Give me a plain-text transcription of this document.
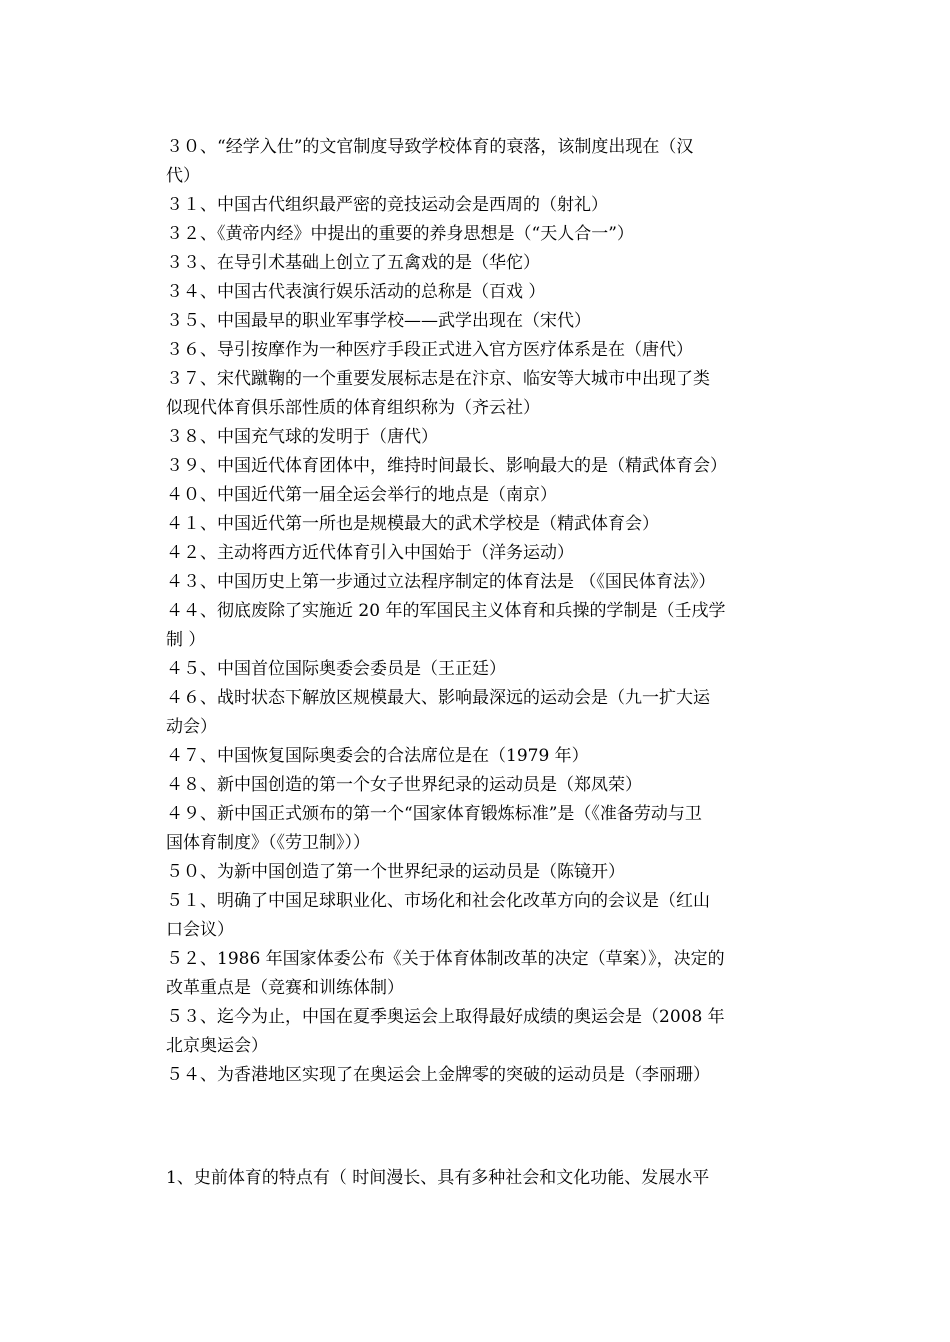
３０、“经学入仕”的文官制度导致学校体育的衰落，该制度出现在（汉
代）
３１、中国古代组织最严密的竞技运动会是西周的（射礼）
３２、《黄帝内经》中提出的重要的养身思想是（“天人合一”）
３３、在导引术基础上创立了五禽戏的是（华佗）
３４、中国古代表演行娱乐活动的总称是（百戏 ）
３５、中国最早的职业军事学校——武学出现在（宋代）
３６、导引按摩作为一种医疗手段正式进入官方医疗体系是在（唐代）
３７、宋代蹴鞠的一个重要发展标志是在汴京、临安等大城市中出现了类
似现代体育俱乐部性质的体育组织称为（齐云社）
３８、中国充气球的发明于（唐代）
３９、中国近代体育团体中，维持时间最长、影响最大的是（精武体育会）
４０、中国近代第一届全运会举行的地点是（南京）
４１、中国近代第一所也是规模最大的武术学校是（精武体育会）
４２、主动将西方近代体育引入中国始于（洋务运动）
４３、中国历史上第一步通过立法程序制定的体育法是 （《国民体育法》）
４４、彻底废除了实施近 20 年的军国民主义体育和兵操的学制是（壬戌学
制 ）
４５、中国首位国际奥委会委员是（王正廷）
４６、战时状态下解放区规模最大、影响最深远的运动会是（九一扩大运
动会）
４７、中国恢复国际奥委会的合法席位是在（1979 年）
４８、新中国创造的第一个女子世界纪录的运动员是（郑凤荣）
４９、新中国正式颁布的第一个“国家体育锻炼标准”是（《准备劳动与卫
国体育制度》（《劳卫制》））
５０、为新中国创造了第一个世界纪录的运动员是（陈镜开）
５１、明确了中国足球职业化、市场化和社会化改革方向的会议是（红山
口会议）
５２、1986 年国家体委公布《关于体育体制改革的决定（草案）》，决定的
改革重点是（竞赛和训练体制）
５３、迄今为止，中国在夏季奥运会上取得最好成绩的奥运会是（2008 年
北京奥运会）
５４、为香港地区实现了在奥运会上金牌零的突破的运动员是（李丽珊）
1、史前体育的特点有（ 时间漫长、具有多种社会和文化功能、发展水平
